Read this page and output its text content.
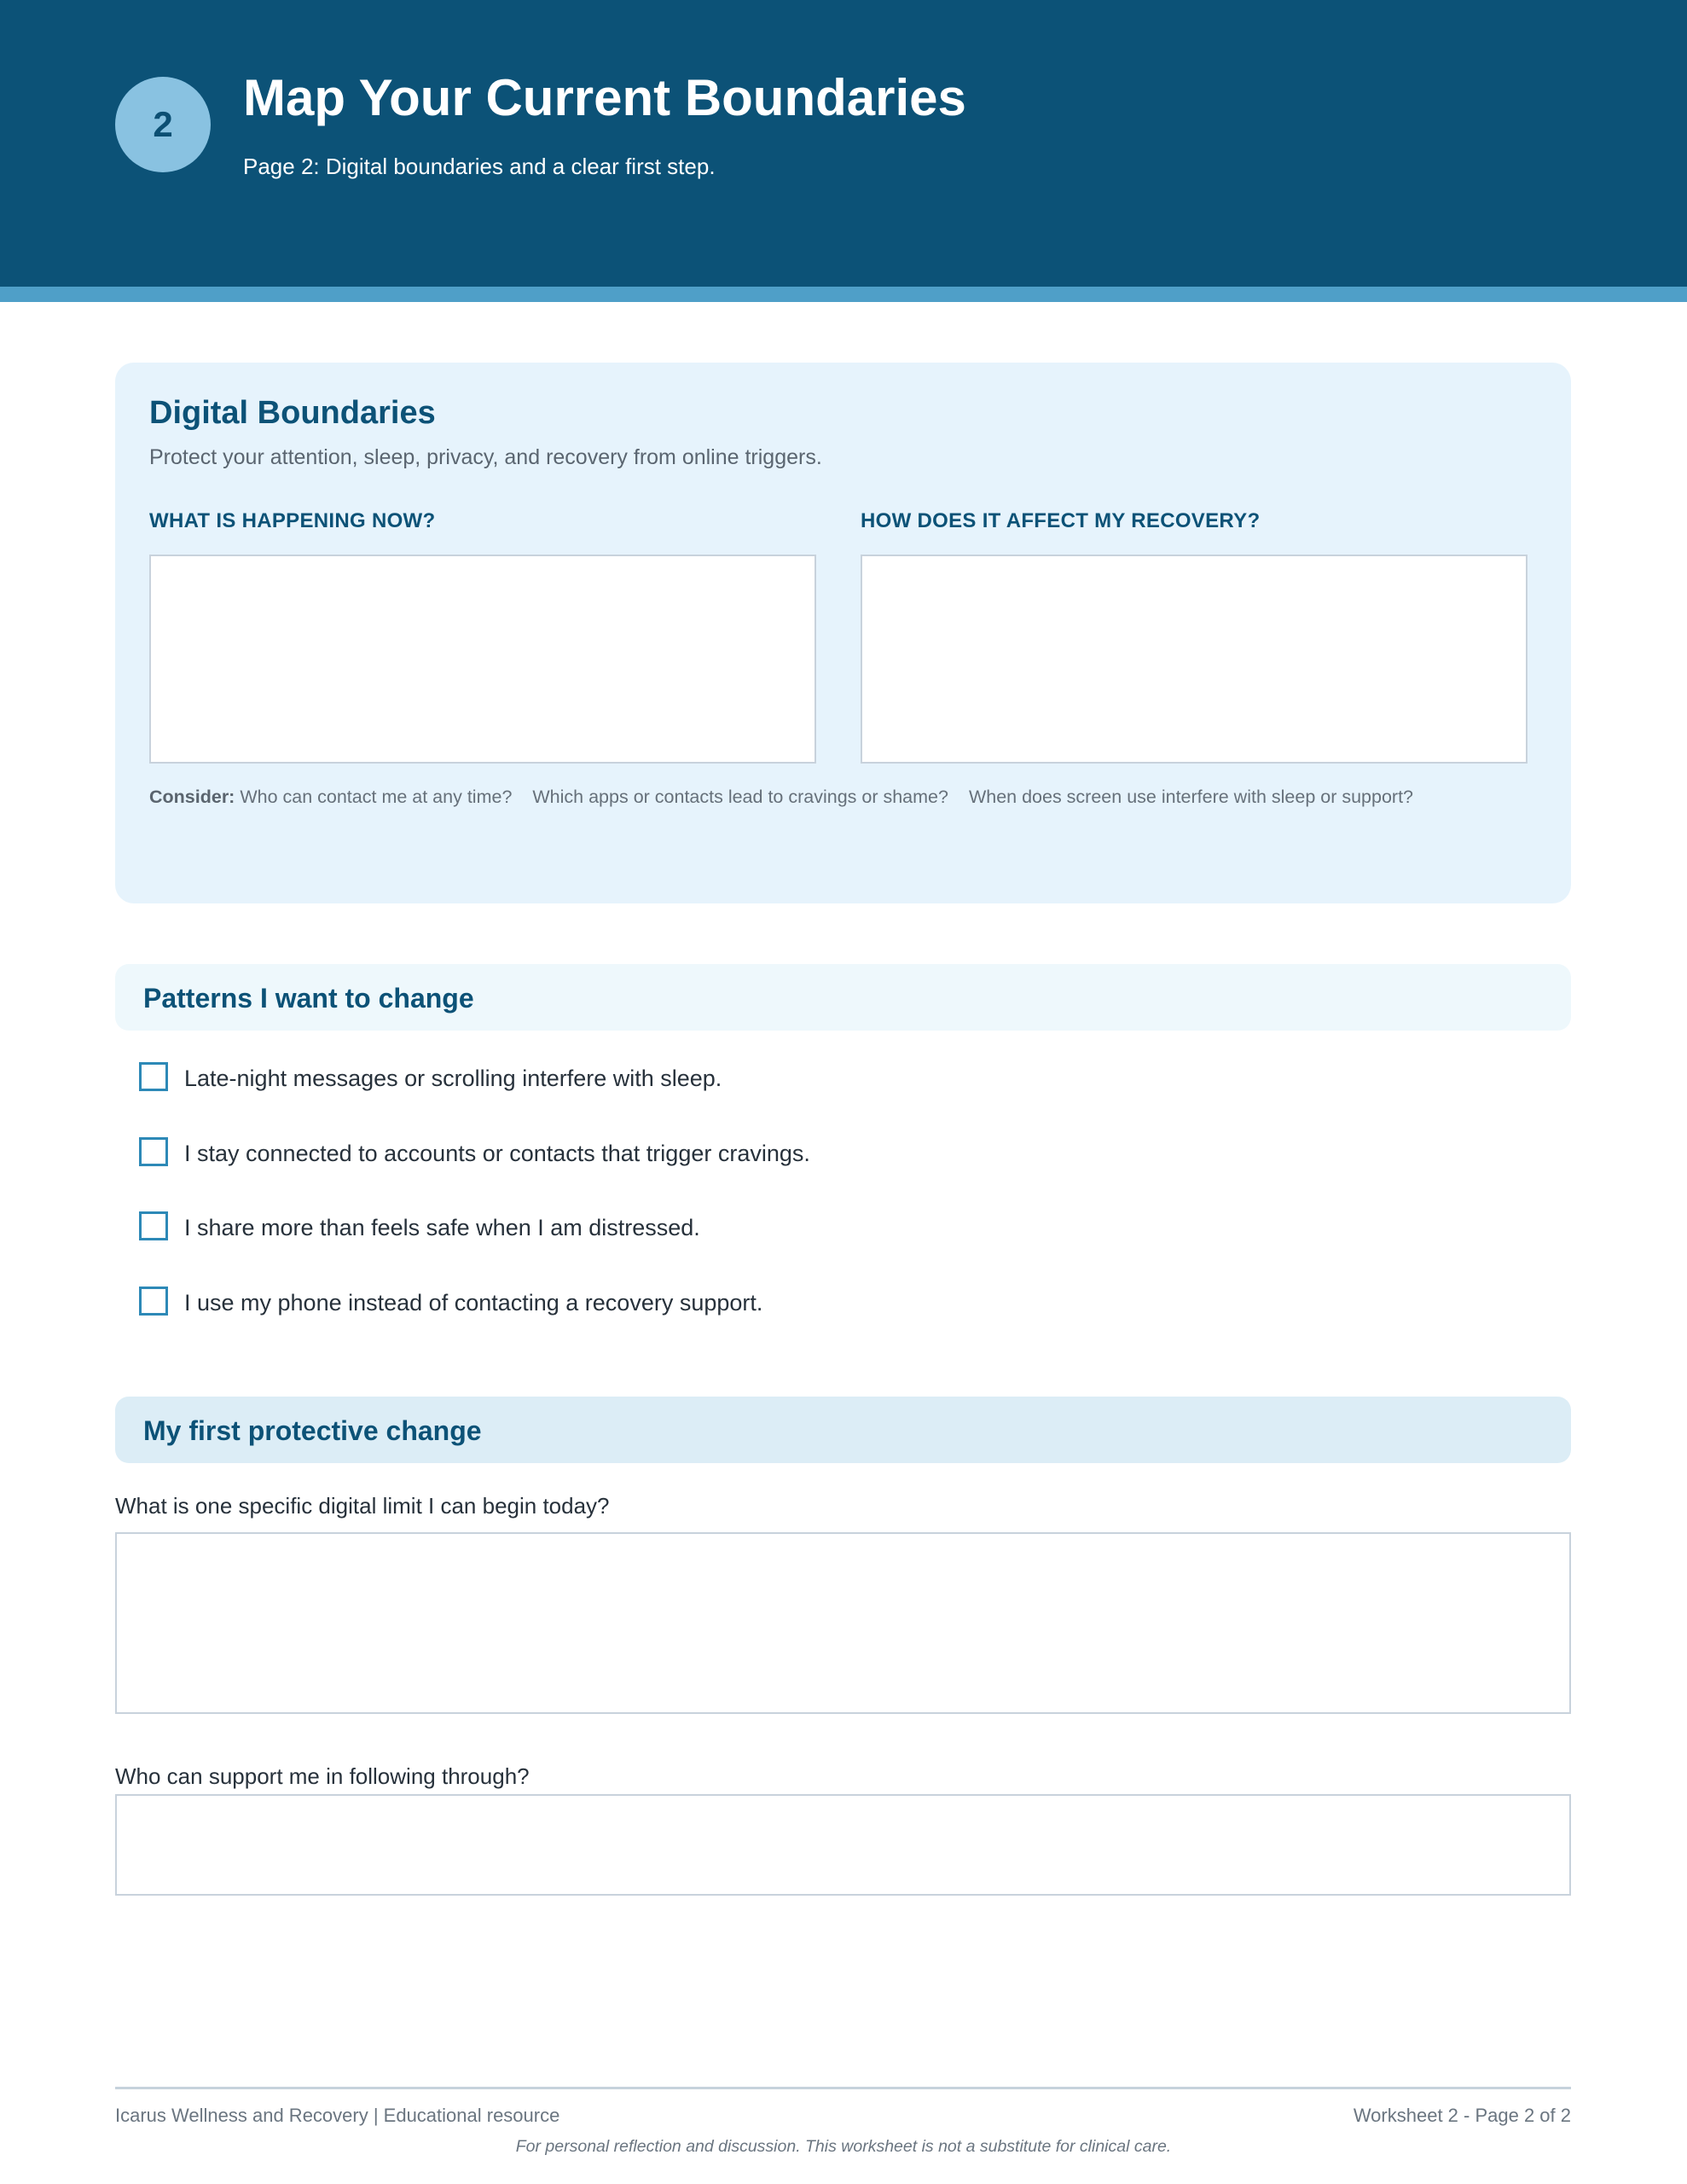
2	Map Your Current Boundaries
Page 2: Digital boundaries and a clear first step.
Digital Boundaries
Protect your attention, sleep, privacy, and recovery from online triggers.
WHAT IS HAPPENING NOW?	HOW DOES IT AFFECT MY RECOVERY?
Consider: Who can contact me at any time? Which apps or contacts lead to cravings or shame? When does screen use interfere with sleep or support?
Patterns I want to change
Late-night messages or scrolling interfere with sleep.
I stay connected to accounts or contacts that trigger cravings.
I share more than feels safe when I am distressed.
I use my phone instead of contacting a recovery support.
My first protective change
What is one specific digital limit I can begin today?
Who can support me in following through?
Icarus Wellness and Recovery | Educational resource	Worksheet 2 - Page 2 of 2
For personal reflection and discussion. This worksheet is not a substitute for clinical care.
